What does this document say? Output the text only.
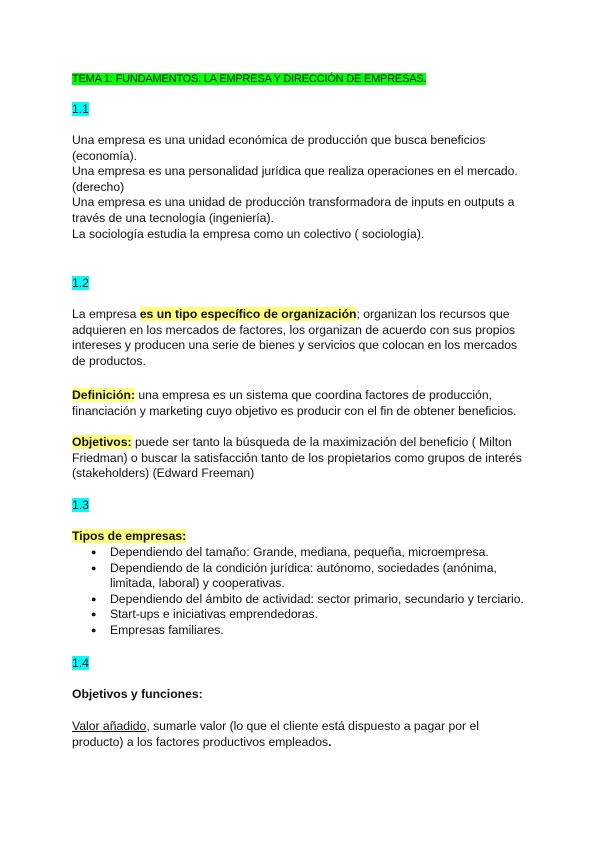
TEMA 1: FUNDAMENTOS. LA EMPRESA Y DIRECCIÓN DE EMPRESAS.
1.1
Una empresa es una unidad económica de producción que busca beneficios
(economía).
Una empresa es una personalidad jurídica que realiza operaciones en el mercado.
(derecho)
Una empresa es una unidad de producción transformadora de inputs en outputs a
través de una tecnología (ingeniería).
La sociología estudia la empresa como un colectivo ( sociología).
1.2
La empresa es un tipo específico de organización; organizan los recursos que
adquieren en los mercados de factores, los organizan de acuerdo con sus propios
intereses y producen una serie de bienes y servicios que colocan en los mercados
de productos.
Definición: una empresa es un sistema que coordina factores de producción,
financiación y marketing cuyo objetivo es producir con el fin de obtener beneficios.
Objetivos: puede ser tanto la búsqueda de la maximización del beneficio ( Milton
Friedman) o buscar la satisfacción tanto de los propietarios como grupos de interés
(stakeholders) (Edward Freeman)
1.3
Tipos de empresas:
● Dependiendo del tamaño: Grande, mediana, pequeña, microempresa.
● Dependiendo de la condición jurídica: autónomo, sociedades (anónima,
limitada, laboral) y cooperativas.
● Dependiendo del ámbito de actividad: sector primario, secundario y terciario.
● Start-ups e iniciativas emprendedoras.
● Empresas familiares.
1.4
Objetivos y funciones:
Valor añadido, sumarle valor (lo que el cliente está dispuesto a pagar por el
producto) a los factores productivos empleados.
